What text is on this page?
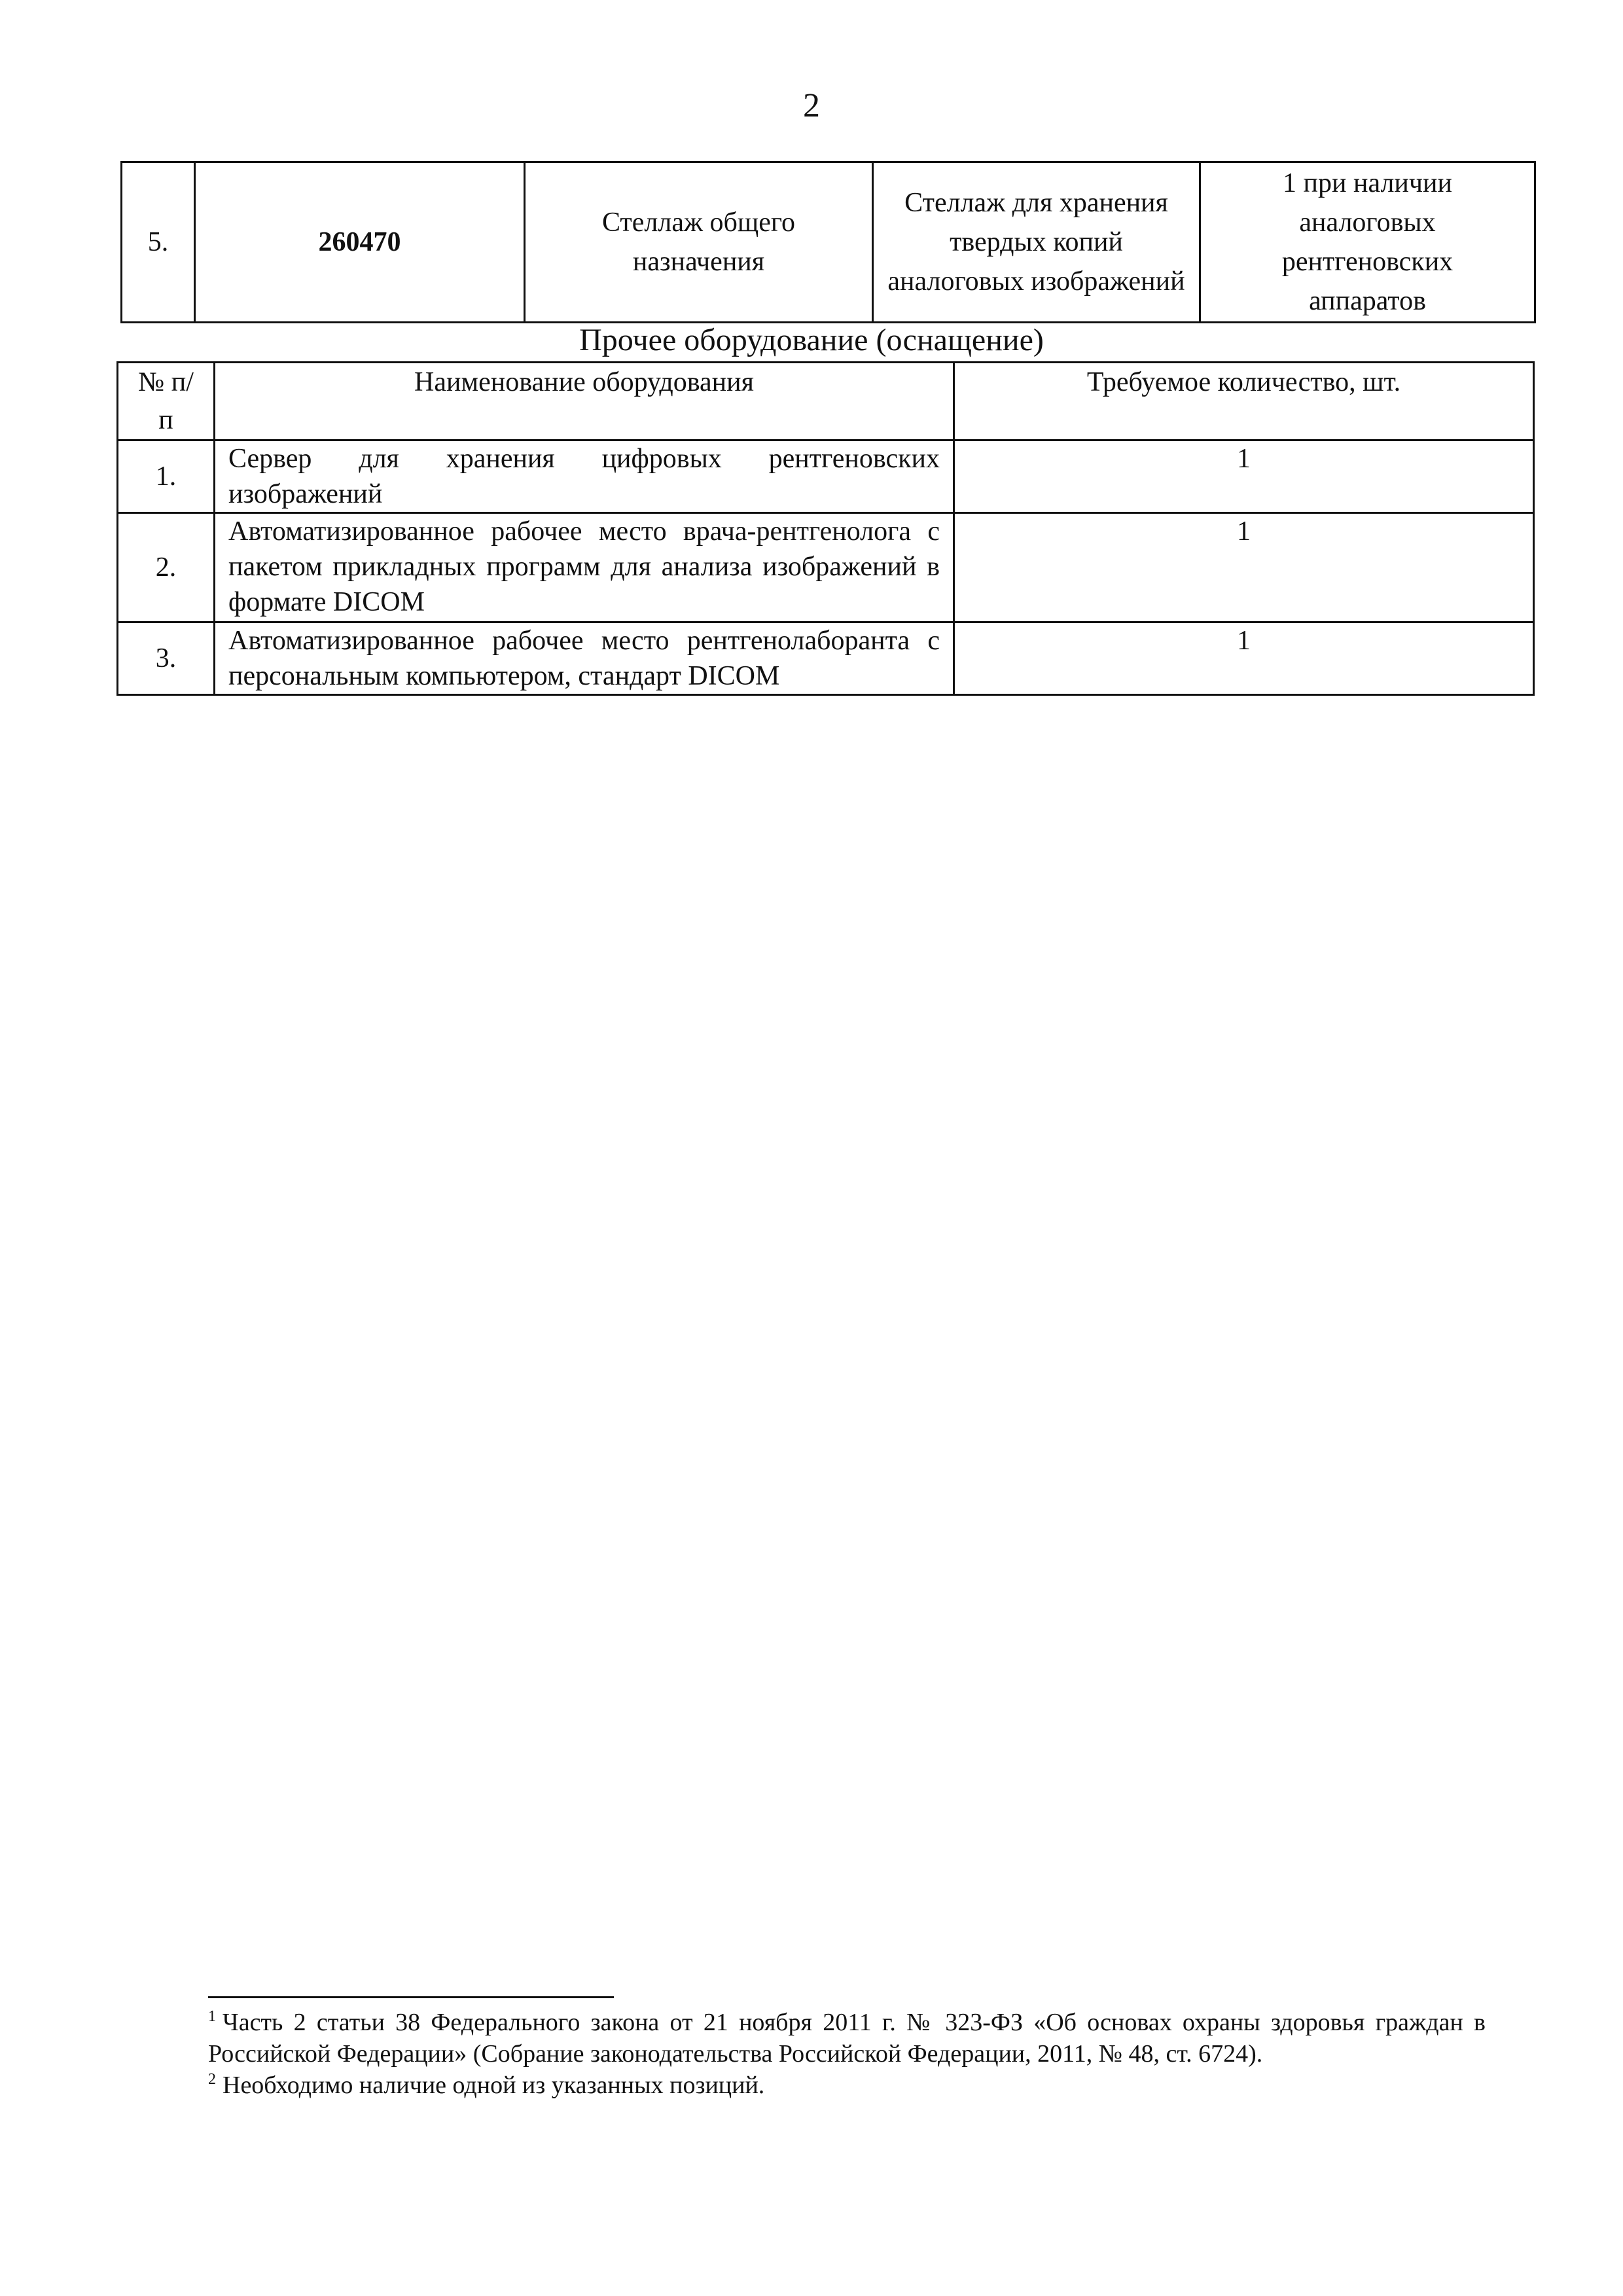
2
5.	260470	Стеллаж общего назначения	Стеллаж для хранения твердых копий аналоговых изображений	1 при наличии аналоговых рентгеновских аппаратов
Прочее оборудование (оснащение)
№ п/п	Наименование оборудования	Требуемое количество, шт.
1.	Сервер для хранения цифровых рентгеновских изображений	1
2.	Автоматизированное рабочее место врача-рентгенолога с пакетом прикладных программ для анализа изображений в формате DICOM	1
3.	Автоматизированное рабочее место рентгенолаборанта с персональным компьютером, стандарт DICOM	1

$^1$ Часть 2 статьи 38 Федерального закона от 21 ноября 2011 г. № 323-ФЗ «Об основах охраны здоровья граждан в Российской Федерации» (Собрание законодательства Российской Федерации, 2011, № 48, ст. 6724).

$^2$ Необходимо наличие одной из указанных позиций.
